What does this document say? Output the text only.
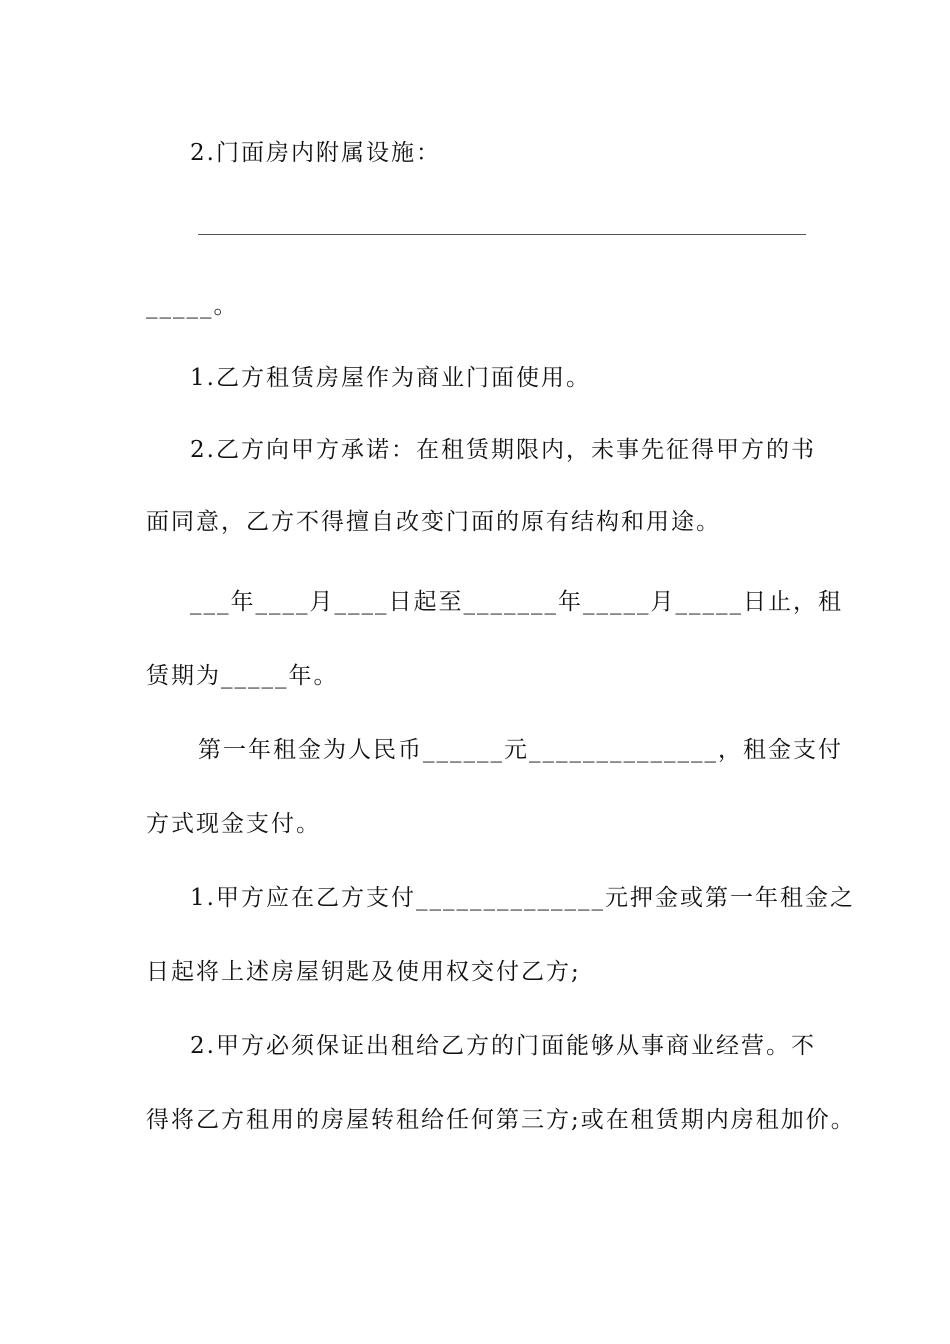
2.门面房内附属设施：
_____。
1.乙方租赁房屋作为商业门面使用。
2.乙方向甲方承诺：在租赁期限内，未事先征得甲方的书
面同意，乙方不得擅自改变门面的原有结构和用途。
___年____月____日起至_______年_____月_____日止，租
赁期为_____年。
第一年租金为人民币______元______________，租金支付
方式现金支付。
1.甲方应在乙方支付______________元押金或第一年租金之
日起将上述房屋钥匙及使用权交付乙方;
2.甲方必须保证出租给乙方的门面能够从事商业经营。不
得将乙方租用的房屋转租给任何第三方;或在租赁期内房租加价。
